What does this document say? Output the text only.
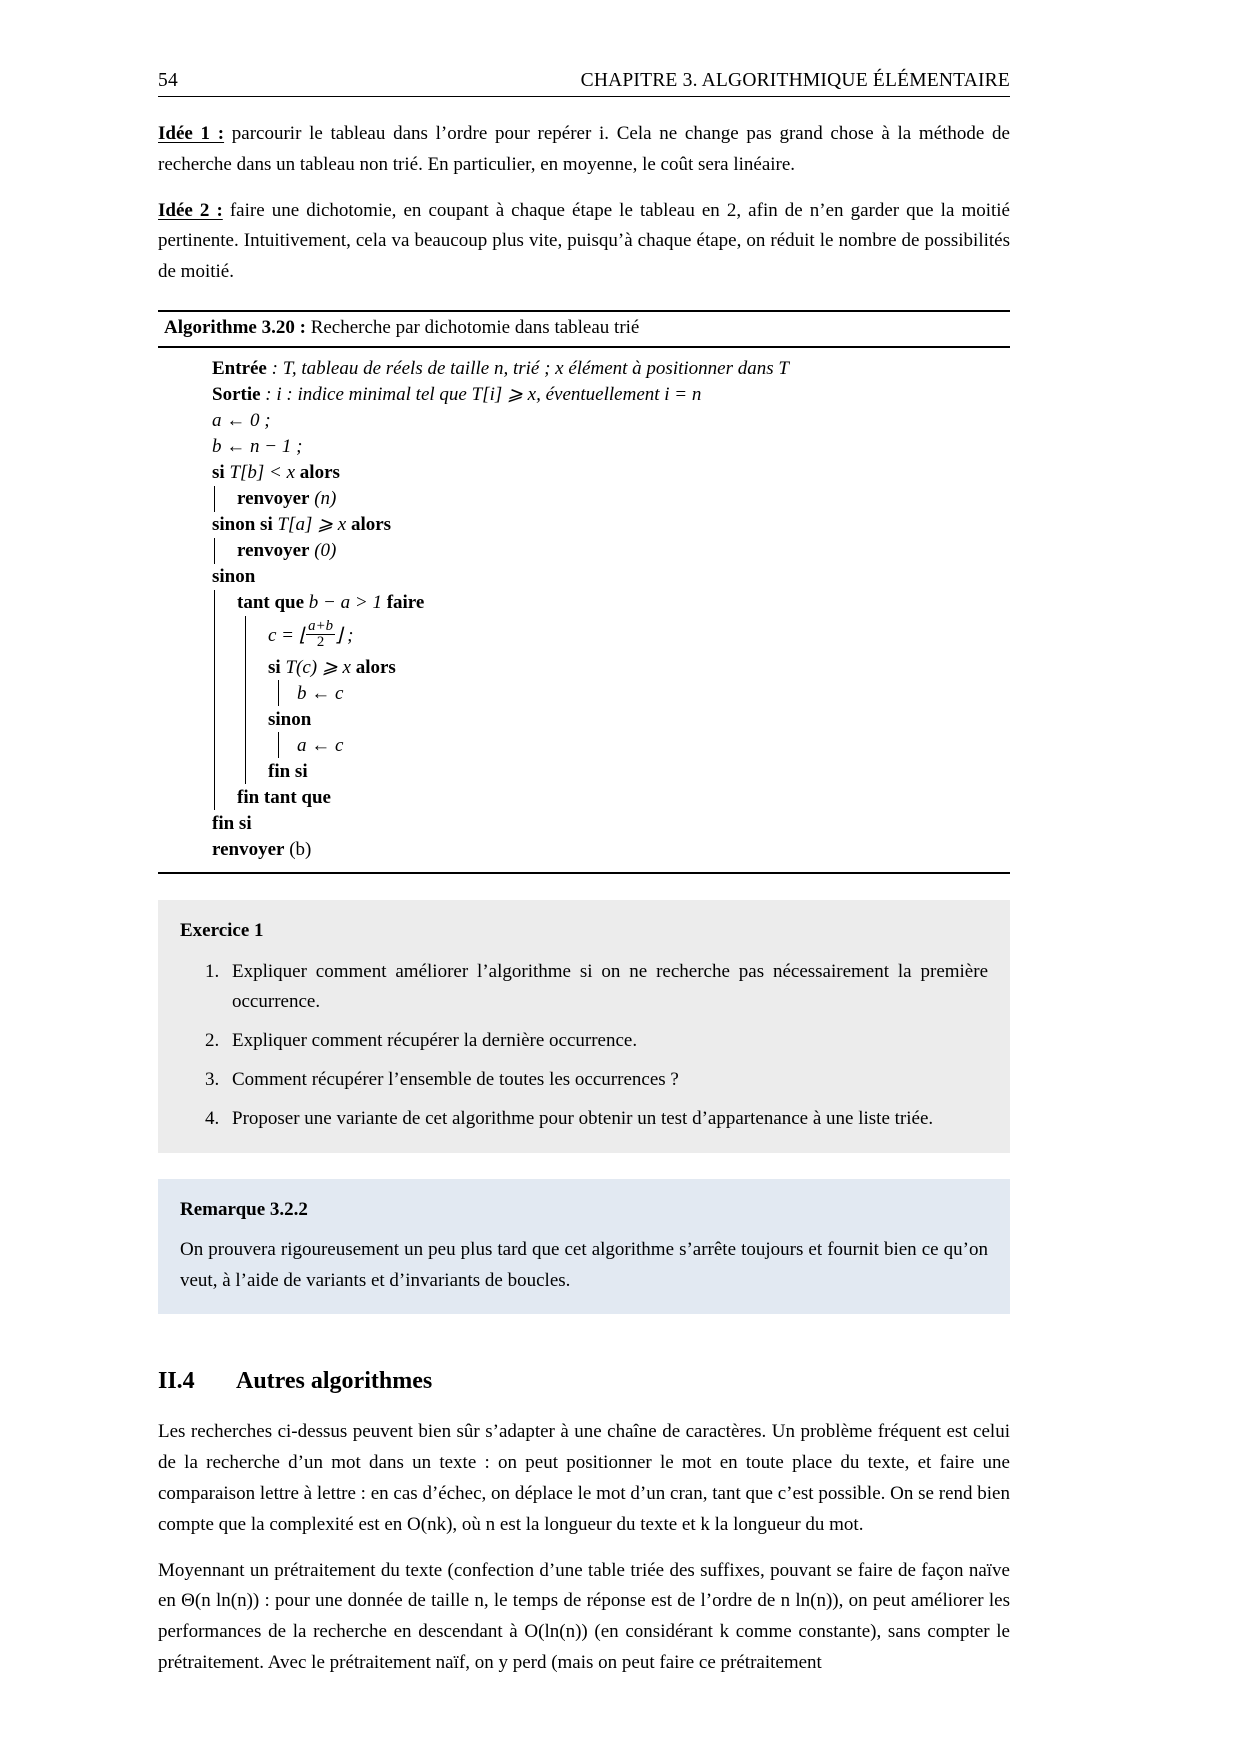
54	CHAPITRE 3. ALGORITHMIQUE ÉLÉMENTAIRE

Idée 1 : parcourir le tableau dans l’ordre pour repérer i. Cela ne change pas grand chose à la méthode de recherche dans un tableau non trié. En particulier, en moyenne, le coût sera linéaire.

Idée 2 : faire une dichotomie, en coupant à chaque étape le tableau en 2, afin de n’en garder que la moitié pertinente. Intuitivement, cela va beaucoup plus vite, puisqu’à chaque étape, on réduit le nombre de possibilités de moitié.

Algorithme 3.20 : Recherche par dichotomie dans tableau trié
Entrée : T, tableau de réels de taille n, trié ; x élément à positionner dans T
Sortie : i : indice minimal tel que T[i] ⩾ x, éventuellement i = n
a ← 0 ;
b ← n − 1 ;
si T[b] < x alors
renvoyer (n)
sinon si T[a] ⩾ x alors
renvoyer (0)
sinon
tant que b − a > 1 faire
c = ⌊ $\frac{a+b}{2}$ ⌋ ;
si T(c) ⩾ x alors
b ← c
sinon
a ← c
fin si
fin tant que
fin si
renvoyer (b)
Exercice 1
1. Expliquer comment améliorer l’algorithme si on ne recherche pas nécessairement la première occurrence.
2. Expliquer comment récupérer la dernière occurrence.
3. Comment récupérer l’ensemble de toutes les occurrences ?
4. Proposer une variante de cet algorithme pour obtenir un test d’appartenance à une liste triée.
Remarque 3.2.2

On prouvera rigoureusement un peu plus tard que cet algorithme s’arrête toujours et fournit bien ce qu’on veut, à l’aide de variants et d’invariants de boucles.

II.4	Autres algorithmes

Les recherches ci-dessus peuvent bien sûr s’adapter à une chaîne de caractères. Un problème fréquent est celui de la recherche d’un mot dans un texte : on peut positionner le mot en toute place du texte, et faire une comparaison lettre à lettre : en cas d’échec, on déplace le mot d’un cran, tant que c’est possible. On se rend bien compte que la complexité est en O(nk), où n est la longueur du texte et k la longueur du mot.

Moyennant un prétraitement du texte (confection d’une table triée des suffixes, pouvant se faire de façon naïve en Θ(n ln(n)) : pour une donnée de taille n, le temps de réponse est de l’ordre de n ln(n)), on peut améliorer les performances de la recherche en descendant à O(ln(n)) (en considérant k comme constante), sans compter le prétraitement. Avec le prétraitement naïf, on y perd (mais on peut faire ce prétraitement
